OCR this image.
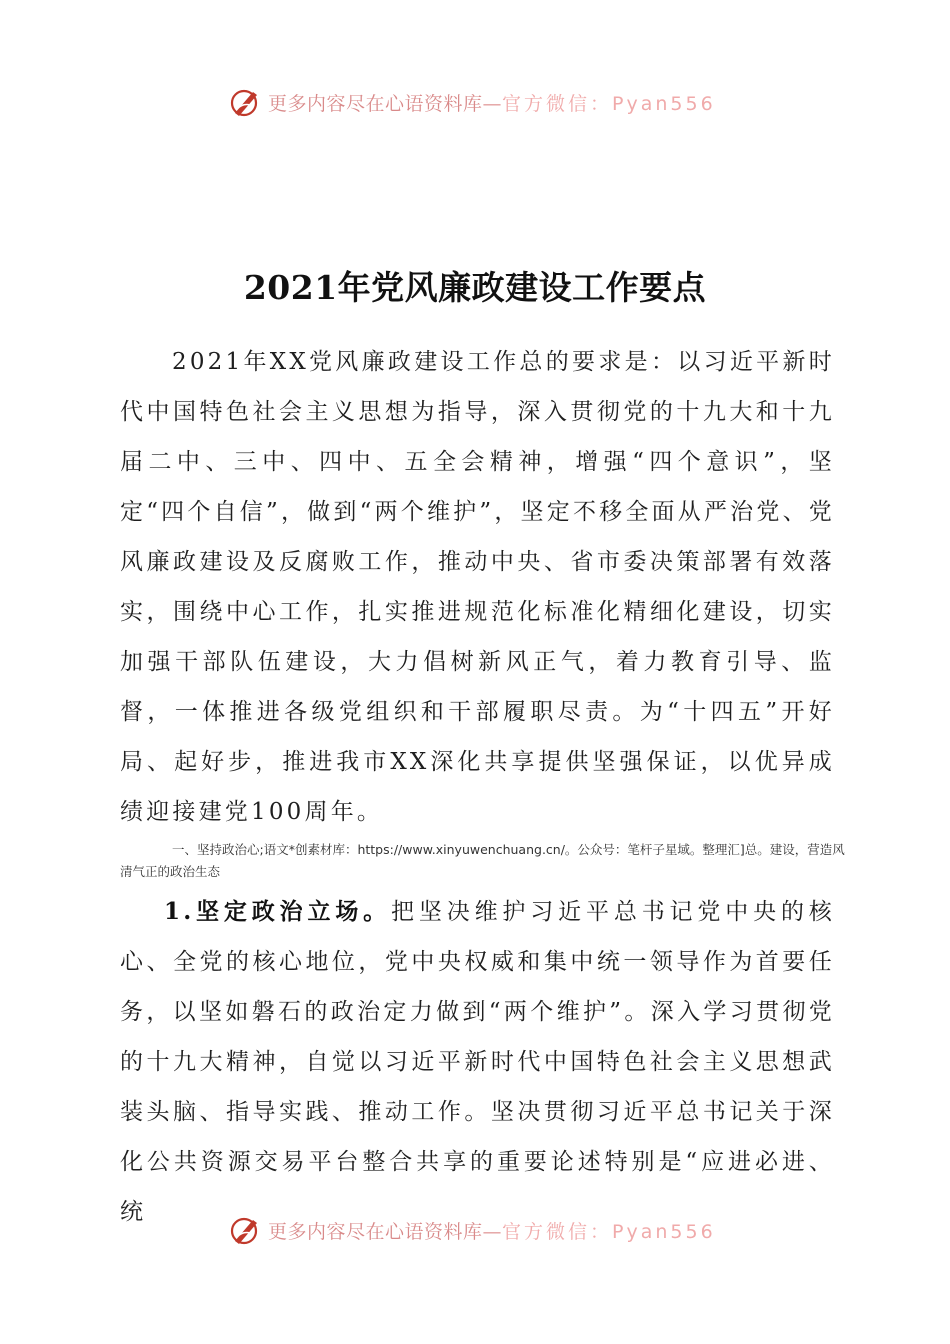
更多内容尽在心语资料库—官方微信：Pyan556
2021年党风廉政建设工作要点
2021年XX党风廉政建设工作总的要求是：以习近平新时代中国特色社会主义思想为指导，深入贯彻党的十九大和十九届二中、三中、四中、五全会精神，增强“四个意识”，坚定“四个自信”，做到“两个维护”，坚定不移全面从严治党、党风廉政建设及反腐败工作，推动中央、省市委决策部署有效落实，围绕中心工作，扎实推进规范化标准化精细化建设，切实加强干部队伍建设，大力倡树新风正气，着力教育引导、监督，一体推进各级党组织和干部履职尽责。为“十四五”开好局、起好步，推进我市XX深化共享提供坚强保证，以优异成绩迎接建党100周年。
一、坚持政治心;语文*创素材库：https://www.xinyuwenchuang.cn/。公众号：笔杆子星域。整理汇]总。建设，营造风清气正的政治生态
1.坚定政治立场。把坚决维护习近平总书记党中央的核心、全党的核心地位，党中央权威和集中统一领导作为首要任务，以坚如磐石的政治定力做到“两个维护”。深入学习贯彻党的十九大精神，自觉以习近平新时代中国特色社会主义思想武装头脑、指导实践、推动工作。坚决贯彻习近平总书记关于深化公共资源交易平台整合共享的重要论述特别是“应进必进、统
更多内容尽在心语资料库—官方微信：Pyan556
